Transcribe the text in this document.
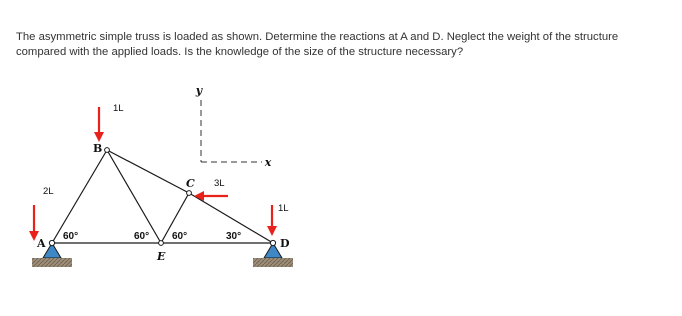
The asymmetric simple truss is loaded as shown. Determine the reactions at A and D. Neglect the weight of the structure compared with the applied loads. Is the knowledge of the size of the structure necessary?
y
x
2L
1L
3L
1L
A
B
C
D
E
60°	60° 60°	30°
